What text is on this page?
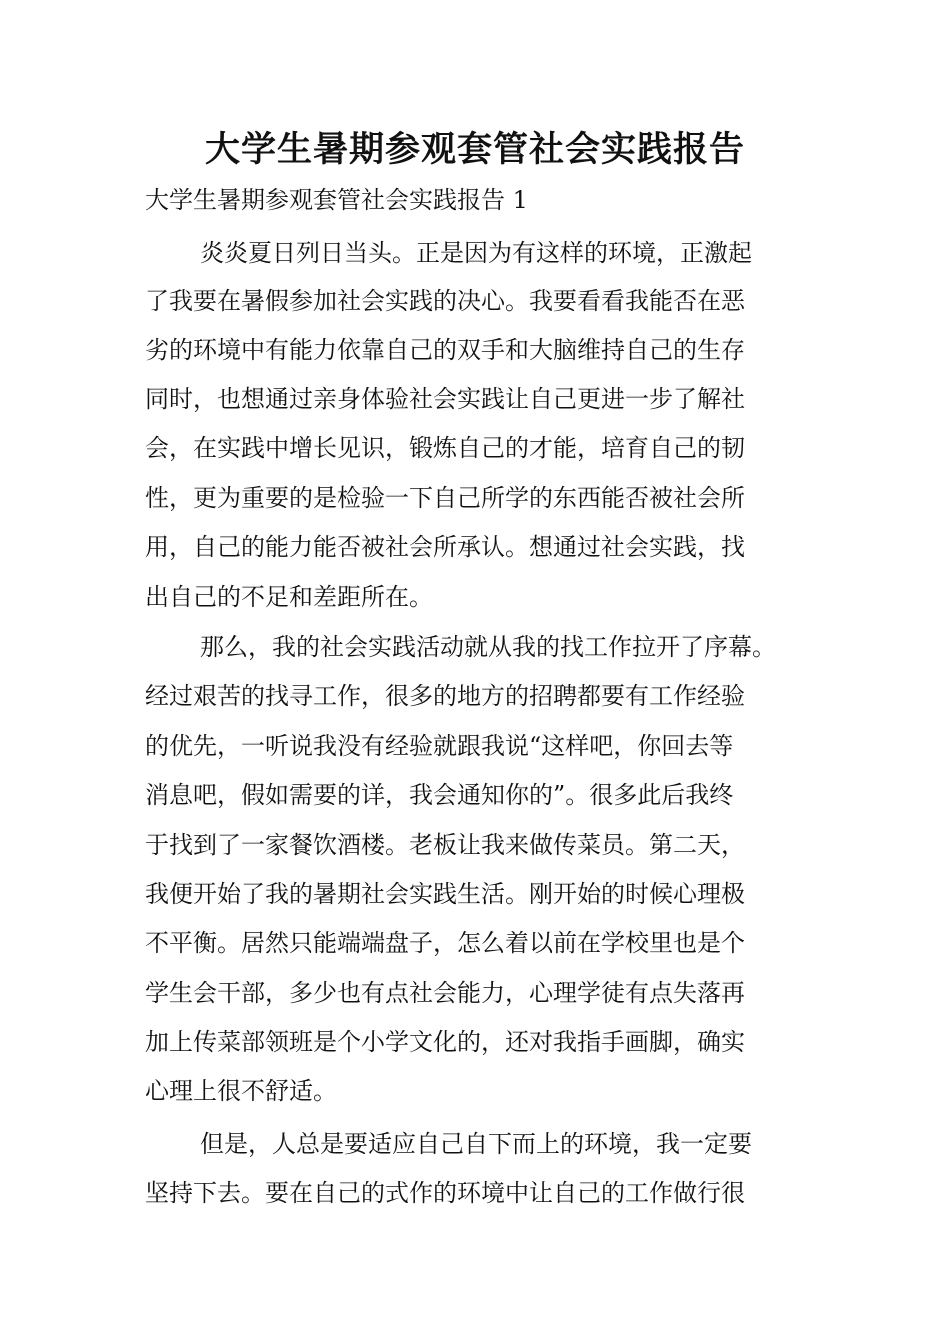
大学生暑期参观套管社会实践报告

大学生暑期参观套管社会实践报告 1

炎炎夏日列日当头。正是因为有这样的环境，正激起

了我要在暑假参加社会实践的决心。我要看看我能否在恶

劣的环境中有能力依靠自己的双手和大脑维持自己的生存

同时，也想通过亲身体验社会实践让自己更进一步了解社

会，在实践中增长见识，锻炼自己的才能，培育自己的韧

性，更为重要的是检验一下自己所学的东西能否被社会所

用，自己的能力能否被社会所承认。想通过社会实践，找

出自己的不足和差距所在。

那么，我的社会实践活动就从我的找工作拉开了序幕。

经过艰苦的找寻工作，很多的地方的招聘都要有工作经验

的优先，一听说我没有经验就跟我说“这样吧，你回去等

消息吧，假如需要的详，我会通知你的”。很多此后我终

于找到了一家餐饮酒楼。老板让我来做传菜员。第二天，

我便开始了我的暑期社会实践生活。刚开始的时候心理极

不平衡。居然只能端端盘子，怎么着以前在学校里也是个

学生会干部，多少也有点社会能力，心理学徒有点失落再

加上传菜部领班是个小学文化的，还对我指手画脚，确实

心理上很不舒适。

但是，人总是要适应自己自下而上的环境，我一定要

坚持下去。要在自己的式作的环境中让自己的工作做行很
